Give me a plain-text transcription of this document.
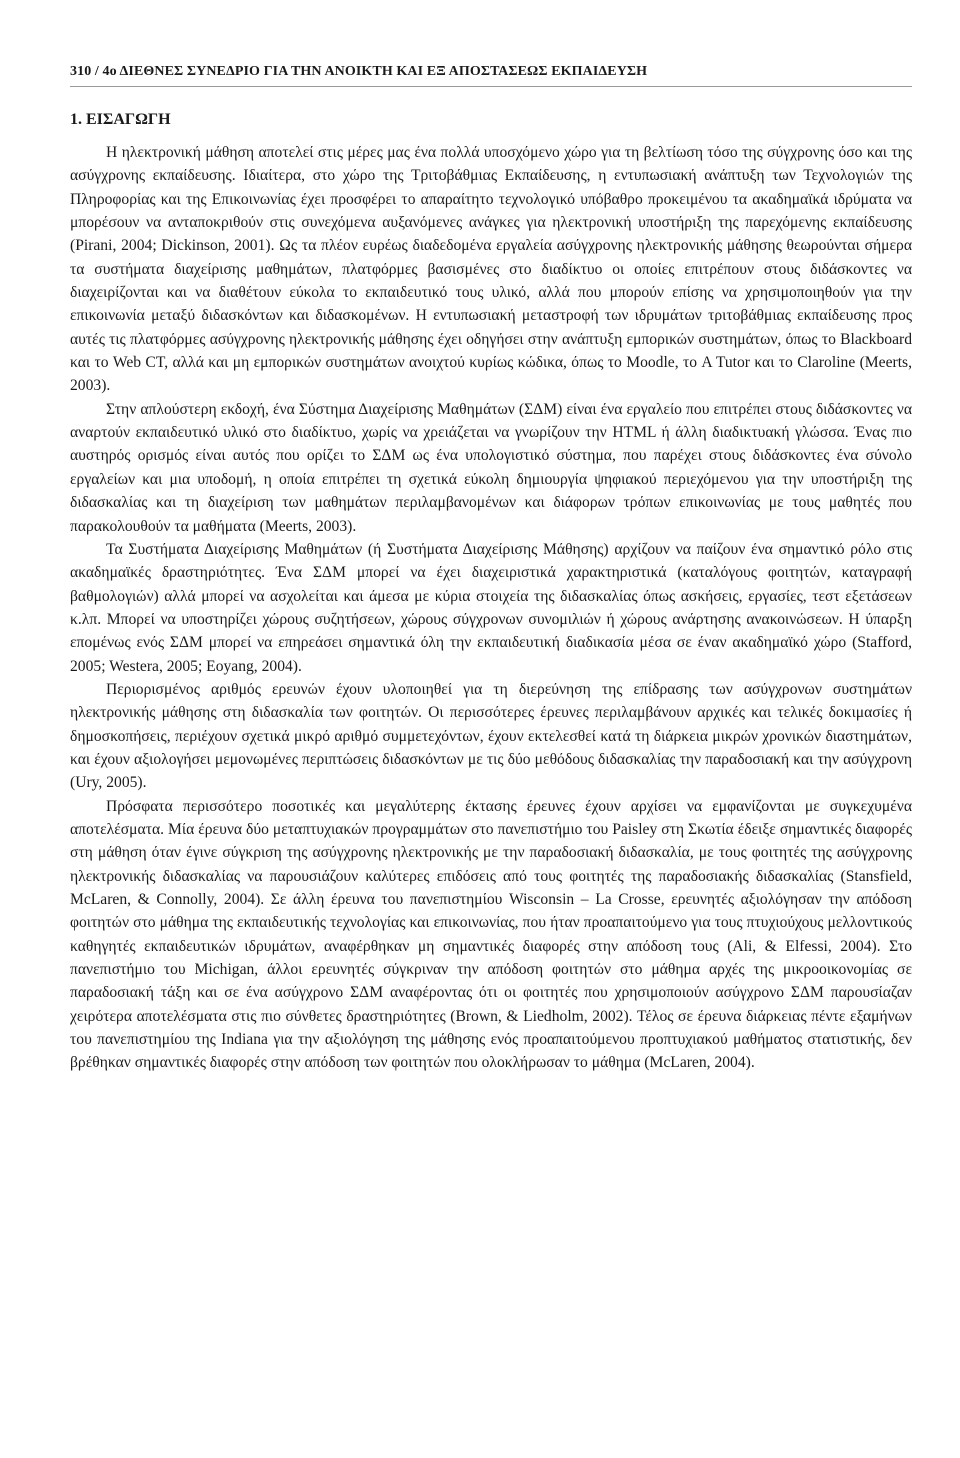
310 / 4ο ΔΙΕΘΝΕΣ ΣΥΝΕΔΡΙΟ ΓΙΑ ΤΗΝ ΑΝΟΙΚΤΗ ΚΑΙ ΕΞ ΑΠΟΣΤΑΣΕΩΣ ΕΚΠΑΙΔΕΥΣΗ
1. ΕΙΣΑΓΩΓΗ

Η ηλεκτρονική μάθηση αποτελεί στις μέρες μας ένα πολλά υποσχόμενο χώρο για τη βελτίωση τόσο της σύγχρονης όσο και της ασύγχρονης εκπαίδευσης. Ιδιαίτερα, στο χώρο της Τριτοβάθμιας Εκπαίδευσης, η εντυπωσιακή ανάπτυξη των Τεχνολογιών της Πληροφορίας και της Επικοινωνίας έχει προσφέρει το απαραίτητο τεχνολογικό υπόβαθρο προκειμένου τα ακαδημαϊκά ιδρύματα να μπορέσουν να ανταποκριθούν στις συνεχόμενα αυξανόμενες ανάγκες για ηλεκτρονική υποστήριξη της παρεχόμενης εκπαίδευσης (Pirani, 2004; Dickinson, 2001). Ως τα πλέον ευρέως διαδεδομένα εργαλεία ασύγχρονης ηλεκτρονικής μάθησης θεωρούνται σήμερα τα συστήματα διαχείρισης μαθημάτων, πλατφόρμες βασισμένες στο διαδίκτυο οι οποίες επιτρέπουν στους διδάσκοντες να διαχειρίζονται και να διαθέτουν εύκολα το εκπαιδευτικό τους υλικό, αλλά που μπορούν επίσης να χρησιμοποιηθούν για την επικοινωνία μεταξύ διδασκόντων και διδασκομένων. Η εντυπωσιακή μεταστροφή των ιδρυμάτων τριτοβάθμιας εκπαίδευσης προς αυτές τις πλατφόρμες ασύγχρονης ηλεκτρονικής μάθησης έχει οδηγήσει στην ανάπτυξη εμπορικών συστημάτων, όπως το Blackboard και το Web CT, αλλά και μη εμπορικών συστημάτων ανοιχτού κυρίως κώδικα, όπως το Moodle, το A Tutor και το Claroline (Meerts, 2003).

Στην απλούστερη εκδοχή, ένα Σύστημα Διαχείρισης Μαθημάτων (ΣΔΜ) είναι ένα εργαλείο που επιτρέπει στους διδάσκοντες να αναρτούν εκπαιδευτικό υλικό στο διαδίκτυο, χωρίς να χρειάζεται να γνωρίζουν την HTML ή άλλη διαδικτυακή γλώσσα. Ένας πιο αυστηρός ορισμός είναι αυτός που ορίζει το ΣΔΜ ως ένα υπολογιστικό σύστημα, που παρέχει στους διδάσκοντες ένα σύνολο εργαλείων και μια υποδομή, η οποία επιτρέπει τη σχετικά εύκολη δημιουργία ψηφιακού περιεχόμενου για την υποστήριξη της διδασκαλίας και τη διαχείριση των μαθημάτων περιλαμβανομένων και διάφορων τρόπων επικοινωνίας με τους μαθητές που παρακολουθούν τα μαθήματα (Meerts, 2003).

Τα Συστήματα Διαχείρισης Μαθημάτων (ή Συστήματα Διαχείρισης Μάθησης) αρχίζουν να παίζουν ένα σημαντικό ρόλο στις ακαδημαϊκές δραστηριότητες. Ένα ΣΔΜ μπορεί να έχει διαχειριστικά χαρακτηριστικά (καταλόγους φοιτητών, καταγραφή βαθμολογιών) αλλά μπορεί να ασχολείται και άμεσα με κύρια στοιχεία της διδασκαλίας όπως ασκήσεις, εργασίες, τεστ εξετάσεων κ.λπ. Μπορεί να υποστηρίζει χώρους συζητήσεων, χώρους σύγχρονων συνομιλιών ή χώρους ανάρτησης ανακοινώσεων. Η ύπαρξη επομένως ενός ΣΔΜ μπορεί να επηρεάσει σημαντικά όλη την εκπαιδευτική διαδικασία μέσα σε έναν ακαδημαϊκό χώρο (Stafford, 2005; Westera, 2005; Eoyang, 2004).

Περιορισμένος αριθμός ερευνών έχουν υλοποιηθεί για τη διερεύνηση της επίδρασης των ασύγχρονων συστημάτων ηλεκτρονικής μάθησης στη διδασκαλία των φοιτητών. Οι περισσότερες έρευνες περιλαμβάνουν αρχικές και τελικές δοκιμασίες ή δημοσκοπήσεις, περιέχουν σχετικά μικρό αριθμό συμμετεχόντων, έχουν εκτελεσθεί κατά τη διάρκεια μικρών χρονικών διαστημάτων, και έχουν αξιολογήσει μεμονωμένες περιπτώσεις διδασκόντων με τις δύο μεθόδους διδασκαλίας την παραδοσιακή και την ασύγχρονη (Ury, 2005).

Πρόσφατα περισσότερο ποσοτικές και μεγαλύτερης έκτασης έρευνες έχουν αρχίσει να εμφανίζονται με συγκεχυμένα αποτελέσματα. Μία έρευνα δύο μεταπτυχιακών προγραμμάτων στο πανεπιστήμιο του Paisley στη Σκωτία έδειξε σημαντικές διαφορές στη μάθηση όταν έγινε σύγκριση της ασύγχρονης ηλεκτρονικής με την παραδοσιακή διδασκαλία, με τους φοιτητές της ασύγχρονης ηλεκτρονικής διδασκαλίας να παρουσιάζουν καλύτερες επιδόσεις από τους φοιτητές της παραδοσιακής διδασκαλίας (Stansfield, McLaren, & Connolly, 2004). Σε άλλη έρευνα του πανεπιστημίου Wisconsin – La Crosse, ερευνητές αξιολόγησαν την απόδοση φοιτητών στο μάθημα της εκπαιδευτικής τεχνολογίας και επικοινωνίας, που ήταν προαπαιτούμενο για τους πτυχιούχους μελλοντικούς καθηγητές εκπαιδευτικών ιδρυμάτων, αναφέρθηκαν μη σημαντικές διαφορές στην απόδοση τους (Ali, & Elfessi, 2004). Στο πανεπιστήμιο του Michigan, άλλοι ερευνητές σύγκριναν την απόδοση φοιτητών στο μάθημα αρχές της μικροοικονομίας σε παραδοσιακή τάξη και σε ένα ασύγχρονο ΣΔΜ αναφέροντας ότι οι φοιτητές που χρησιμοποιούν ασύγχρονο ΣΔΜ παρουσίαζαν χειρότερα αποτελέσματα στις πιο σύνθετες δραστηριότητες (Brown, & Liedholm, 2002). Τέλος σε έρευνα διάρκειας πέντε εξαμήνων του πανεπιστημίου της Indiana για την αξιολόγηση της μάθησης ενός προαπαιτούμενου προπτυχιακού μαθήματος στατιστικής, δεν βρέθηκαν σημαντικές διαφορές στην απόδοση των φοιτητών που ολοκλήρωσαν το μάθημα (McLaren, 2004).
